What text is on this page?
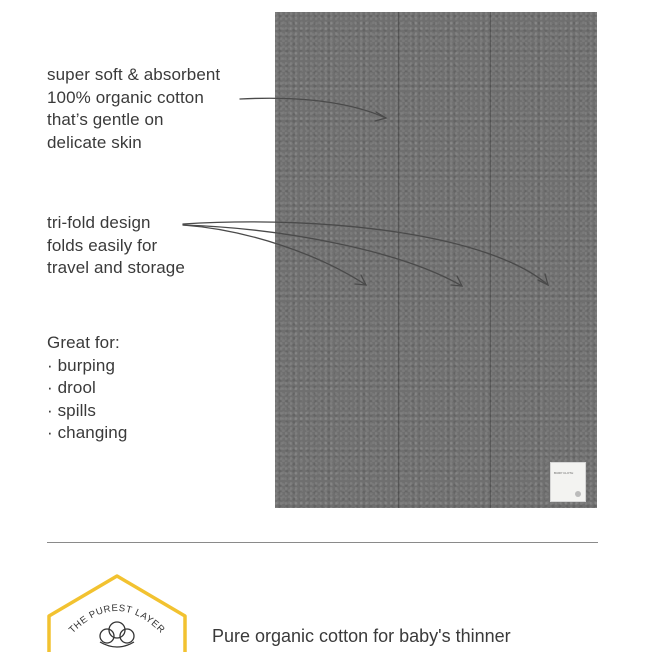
BURP CLOTH
super soft & absorbent
100% organic cotton
that’s gentle on
delicate skin
tri-fold design
folds easily for
travel and storage
Great for:
· burping
· drool
· spills
· changing
THE PUREST LAYER Pure organic cotton for baby's thinner
